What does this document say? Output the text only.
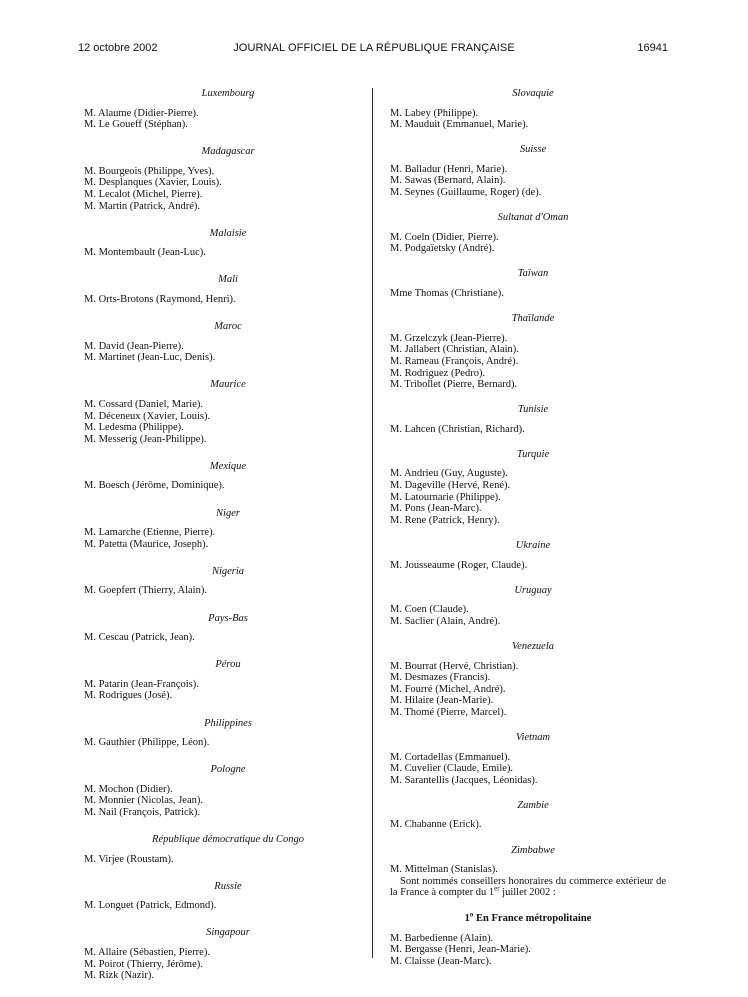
JOURNAL OFFICIEL DE LA RÉPUBLIQUE FRANÇAISE
12 octobre 2002	16941

Luxembourg

M. Alaume (Didier-Pierre).
M. Le Goueff (Stéphan).

Madagascar

M. Bourgeois (Philippe, Yves).
M. Desplanques (Xavier, Louis).
M. Lecalot (Michel, Pierre).
M. Martin (Patrick, André).

Malaisie

M. Montembault (Jean-Luc).

Mali

M. Orts-Brotons (Raymond, Henri).

Maroc

M. David (Jean-Pierre).
M. Martinet (Jean-Luc, Denis).

Maurice

M. Cossard (Daniel, Marie).
M. Déceneux (Xavier, Louis).
M. Ledesma (Philippe).
M. Messerig (Jean-Philippe).

Mexique

M. Boesch (Jérôme, Dominique).

Niger

M. Lamarche (Etienne, Pierre).
M. Patetta (Maurice, Joseph).

Nigeria

M. Goepfert (Thierry, Alain).

Pays-Bas

M. Cescau (Patrick, Jean).

Pérou

M. Patarin (Jean-François).
M. Rodrigues (José).

Philippines

M. Gauthier (Philippe, Léon).

Pologne

M. Mochon (Didier).
M. Monnier (Nicolas, Jean).
M. Nail (François, Patrick).

République démocratique du Congo

M. Virjee (Roustam).

Russie

M. Longuet (Patrick, Edmond).

Singapour

M. Allaire (Sébastien, Pierre).
M. Poirot (Thierry, Jérôme).
M. Rizk (Nazir).

Slovaquie

M. Labey (Philippe).
M. Mauduit (Emmanuel, Marie).

Suisse

M. Balladur (Henri, Marie).
M. Sawas (Bernard, Alain).
M. Seynes (Guillaume, Roger) (de).

Sultanat d'Oman

M. Coeln (Didier, Pierre).
M. Podgaïetsky (André).

Taïwan

Mme Thomas (Christiane).

Thaïlande

M. Grzelczyk (Jean-Pierre).
M. Jallabert (Christian, Alain).
M. Rameau (François, André).
M. Rodriguez (Pedro).
M. Tribollet (Pierre, Bernard).

Tunisie

M. Lahcen (Christian, Richard).

Turquie

M. Andrieu (Guy, Auguste).
M. Dageville (Hervé, René).
M. Latournarie (Philippe).
M. Pons (Jean-Marc).
M. Rene (Patrick, Henry).

Ukraine

M. Jousseaume (Roger, Claude).

Uruguay

M. Coen (Claude).
M. Saclier (Alain, André).

Venezuela

M. Bourrat (Hervé, Christian).
M. Desmazes (Francis).
M. Fourré (Michel, André).
M. Hilaire (Jean-Marie).
M. Thomé (Pierre, Marcel).

Vietnam

M. Cortadellas (Emmanuel).
M. Cuvelier (Claude, Emile).
M. Sarantellis (Jacques, Léonidas).

Zambie

M. Chabanne (Erick).

Zimbabwe

M. Mittelman (Stanislas).

Sont nommés conseillers honoraires du commerce extérieur de la France à compter du 1er juillet 2002 :

1$^o$ En France métropolitaine

M. Barbedienne (Alain).
M. Bergasse (Henri, Jean-Marie).
M. Claisse (Jean-Marc).
